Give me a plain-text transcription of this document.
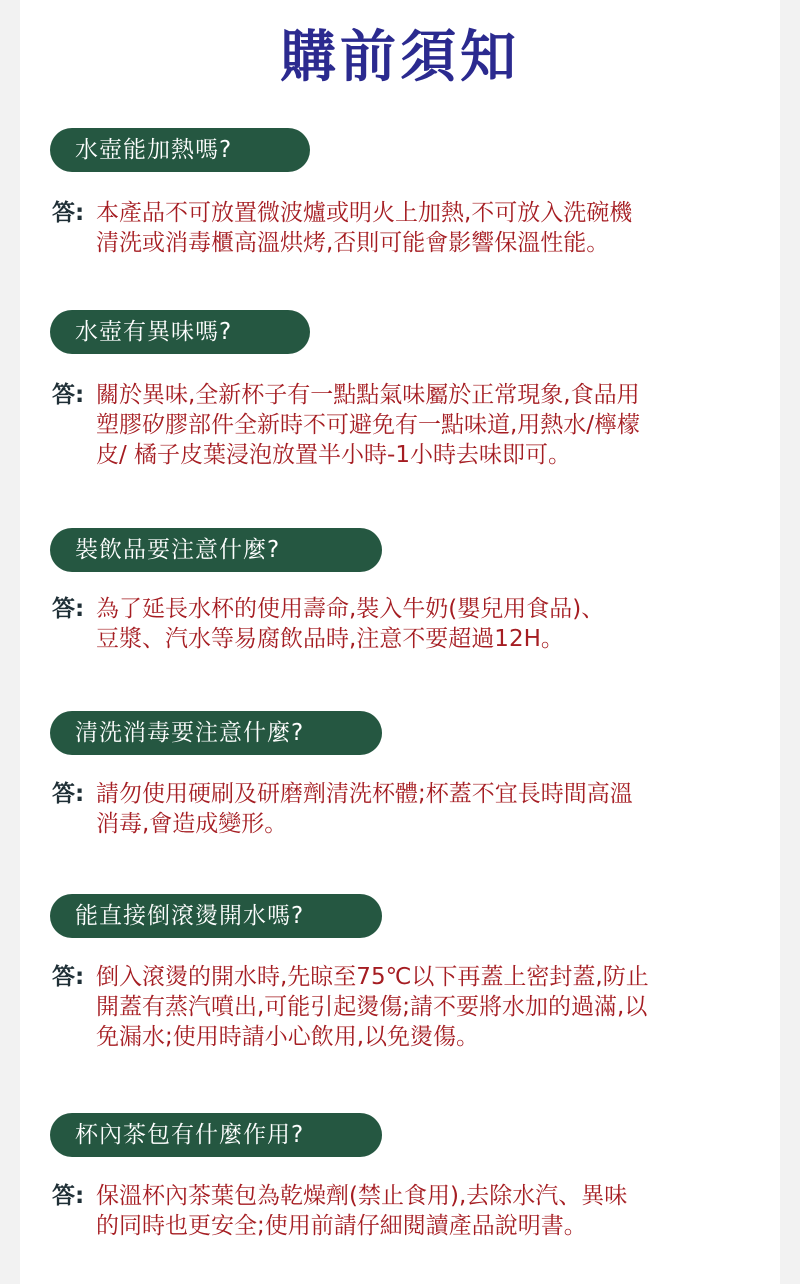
購前須知
水壺能加熱嗎?
答: 本產品不可放置微波爐或明火上加熱,不可放入洗碗機
清洗或消毒櫃高溫烘烤,否則可能會影響保溫性能。
水壺有異味嗎?
答: 關於異味,全新杯子有一點點氣味屬於正常現象,食品用
塑膠矽膠部件全新時不可避免有一點味道,用熱水/檸檬
皮/ 橘子皮葉浸泡放置半小時-1小時去味即可。
裝飲品要注意什麼?
答: 為了延長水杯的使用壽命,裝入牛奶(嬰兒用食品)、
豆漿、汽水等易腐飲品時,注意不要超過12H。
清洗消毒要注意什麼?
答: 請勿使用硬刷及研磨劑清洗杯體;杯蓋不宜長時間高溫
消毒,會造成變形。
能直接倒滾燙開水嗎?
答: 倒入滾燙的開水時,先晾至75℃以下再蓋上密封蓋,防止
開蓋有蒸汽噴出,可能引起燙傷;請不要將水加的過滿,以
免漏水;使用時請小心飲用,以免燙傷。
杯內茶包有什麼作用?
答: 保溫杯內茶葉包為乾燥劑(禁止食用),去除水汽、異味
的同時也更安全;使用前請仔細閱讀產品說明書。
